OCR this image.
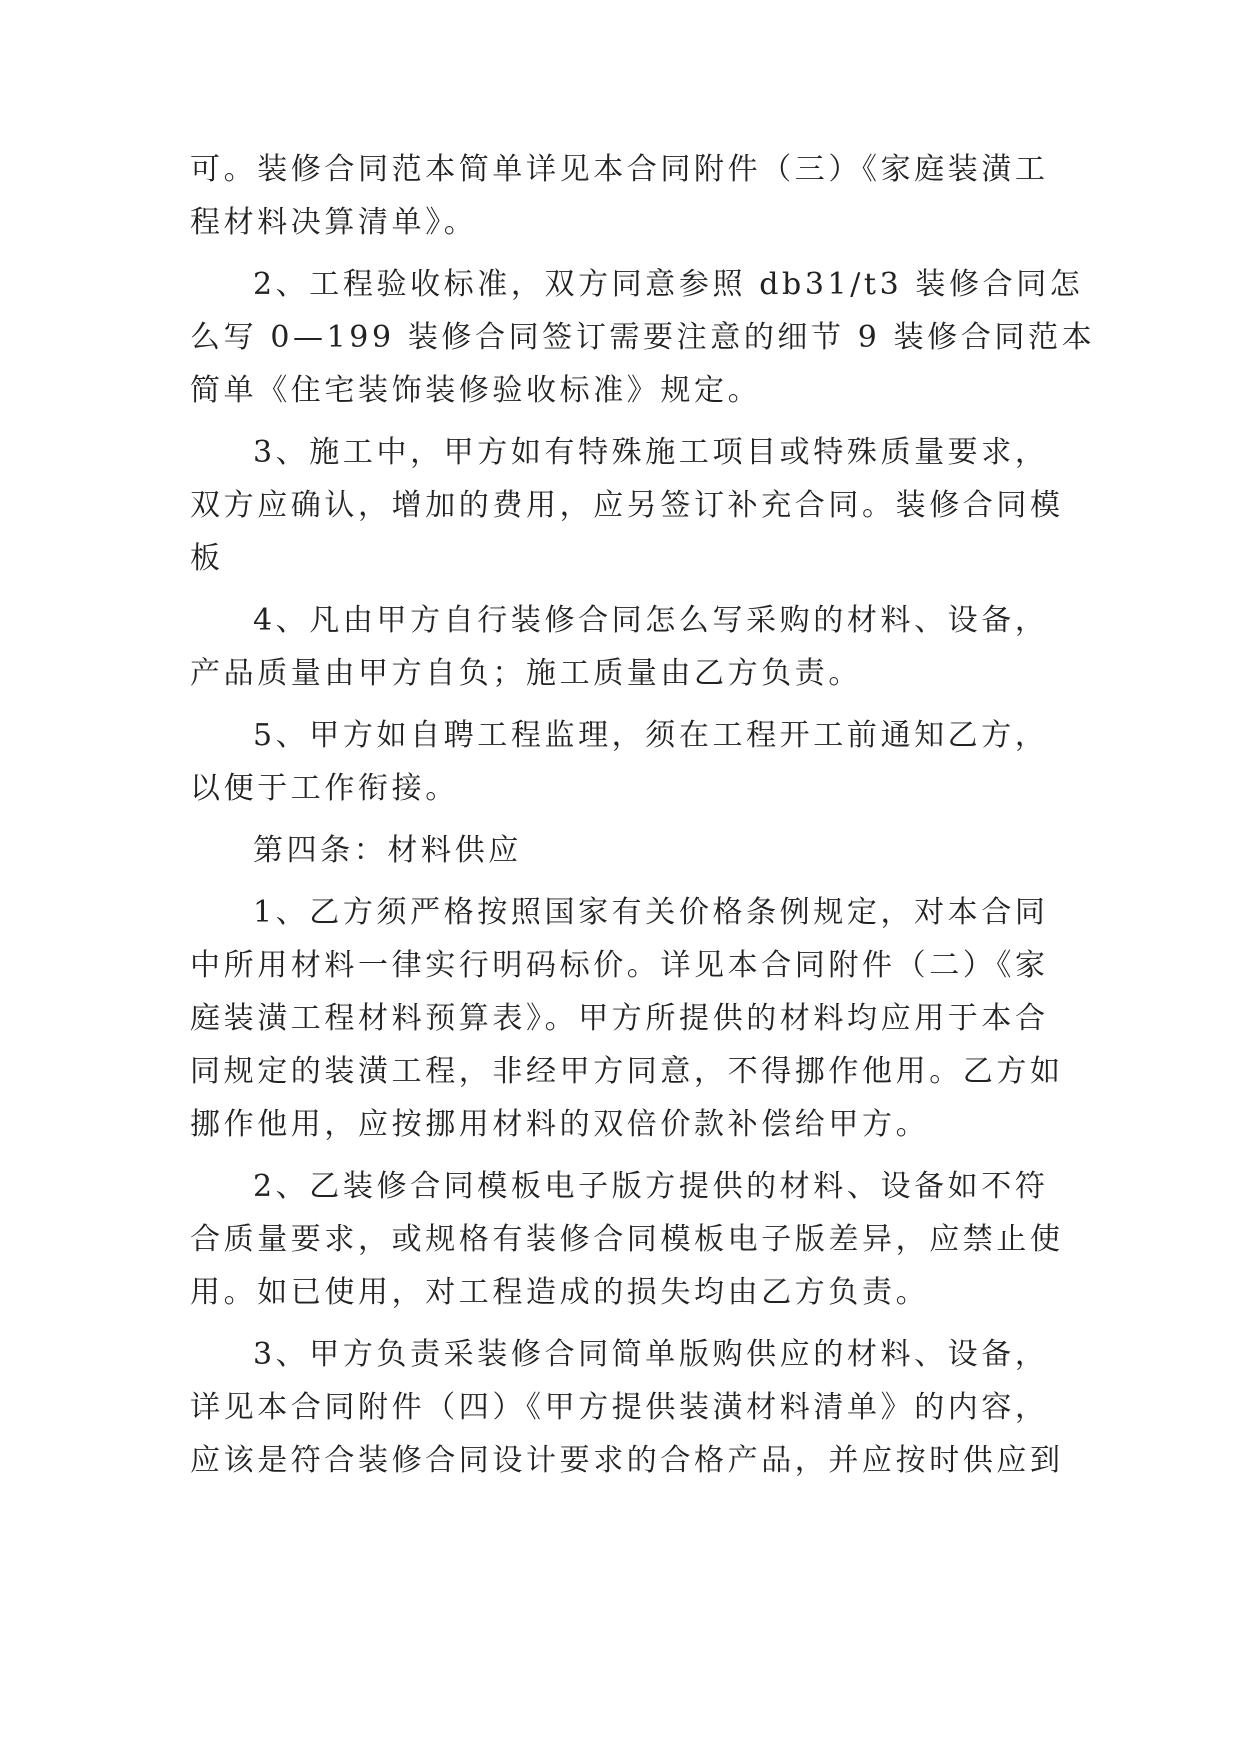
可。装修合同范本简单详见本合同附件（三）《家庭装潢工
程材料决算清单》。
2、工程验收标准，双方同意参照 db31/t3 装修合同怎
么写 0—199 装修合同签订需要注意的细节 9 装修合同范本
简单《住宅装饰装修验收标准》规定。
3、施工中，甲方如有特殊施工项目或特殊质量要求，
双方应确认，增加的费用，应另签订补充合同。装修合同模
板
4、凡由甲方自行装修合同怎么写采购的材料、设备，
产品质量由甲方自负；施工质量由乙方负责。
5、甲方如自聘工程监理，须在工程开工前通知乙方，
以便于工作衔接。
第四条：材料供应
1、乙方须严格按照国家有关价格条例规定，对本合同
中所用材料一律实行明码标价。详见本合同附件（二）《家
庭装潢工程材料预算表》。甲方所提供的材料均应用于本合
同规定的装潢工程，非经甲方同意，不得挪作他用。乙方如
挪作他用，应按挪用材料的双倍价款补偿给甲方。
2、乙装修合同模板电子版方提供的材料、设备如不符
合质量要求，或规格有装修合同模板电子版差异，应禁止使
用。如已使用，对工程造成的损失均由乙方负责。
3、甲方负责采装修合同简单版购供应的材料、设备，
详见本合同附件（四）《甲方提供装潢材料清单》的内容，
应该是符合装修合同设计要求的合格产品，并应按时供应到
